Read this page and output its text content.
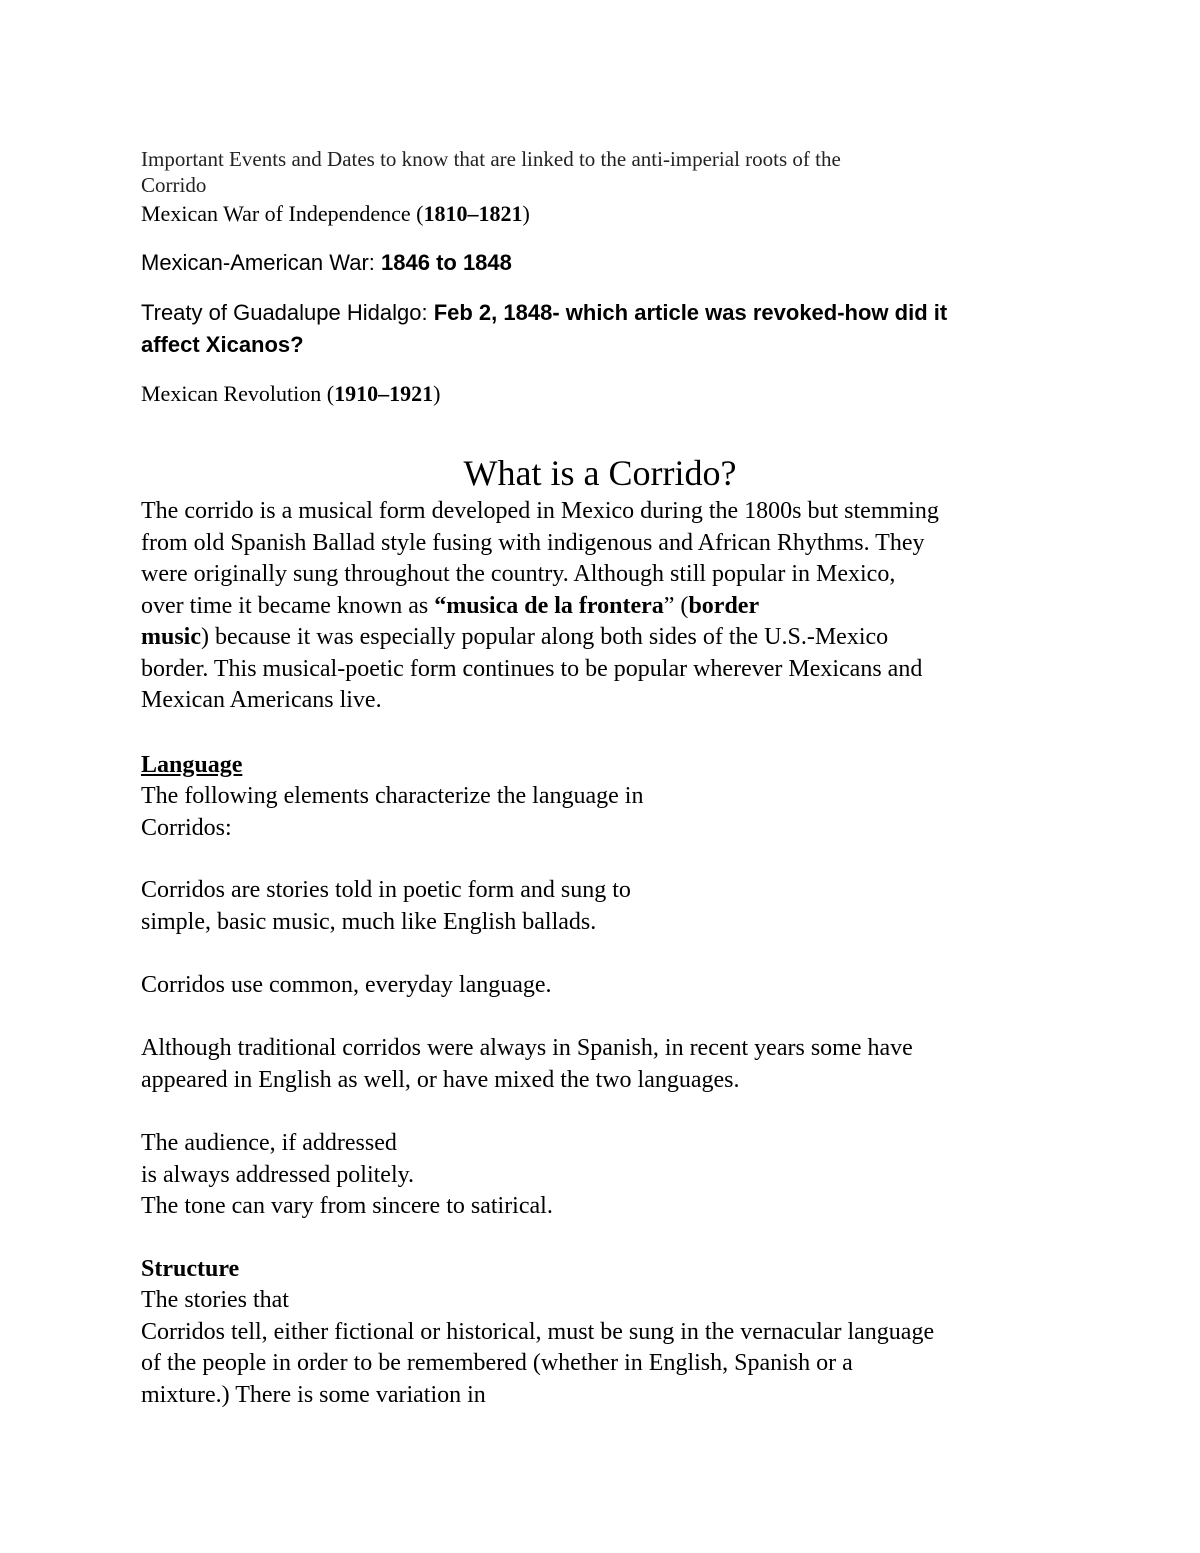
Important Events and Dates to know that are linked to the anti-imperial roots of the
Corrido
Mexican War of Independence (1810–1821)
Mexican-American War: 1846 to 1848
Treaty of Guadalupe Hidalgo: Feb 2, 1848- which article was revoked-how did it
affect Xicanos?
Mexican Revolution (1910–1921)
What is a Corrido?
The corrido is a musical form developed in Mexico during the 1800s but stemming
from old Spanish Ballad style fusing with indigenous and African Rhythms. They
were originally sung throughout the country. Although still popular in Mexico,
over time it became known as “musica de la frontera” (border
music) because it was especially popular along both sides of the U.S.-Mexico
border. This musical-poetic form continues to be popular wherever Mexicans and
Mexican Americans live.
Language
The following elements characterize the language in
Corridos:
Corridos are stories told in poetic form and sung to
simple, basic music, much like English ballads.
Corridos use common, everyday language.
Although traditional corridos were always in Spanish, in recent years some have
appeared in English as well, or have mixed the two languages.
The audience, if addressed
is always addressed politely.
The tone can vary from sincere to satirical.
Structure
The stories that
Corridos tell, either fictional or historical, must be sung in the vernacular language
of the people in order to be remembered (whether in English, Spanish or a
mixture.) There is some variation in
